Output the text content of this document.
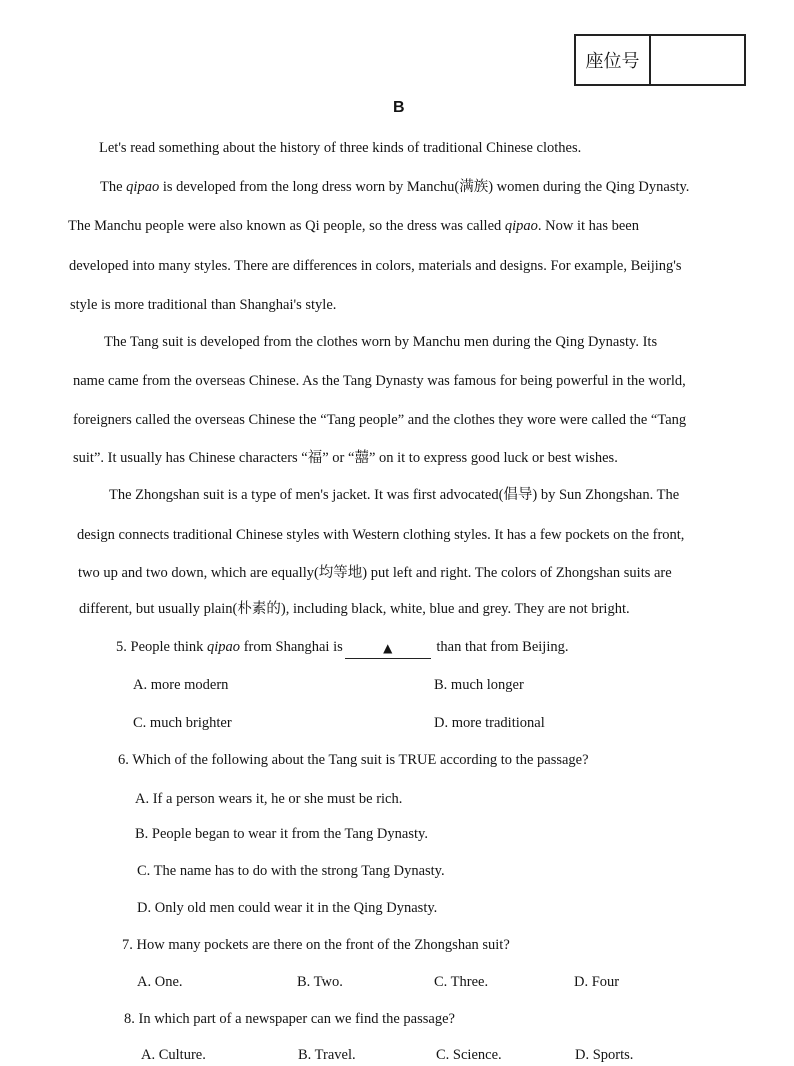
座位号
B
Let's read something about the history of three kinds of traditional Chinese clothes.
The qipao is developed from the long dress worn by Manchu(满族) women during the Qing Dynasty.
The Manchu people were also known as Qi people, so the dress was called qipao. Now it has been
developed into many styles. There are differences in colors, materials and designs. For example, Beijing's
style is more traditional than Shanghai's style.
The Tang suit is developed from the clothes worn by Manchu men during the Qing Dynasty. Its
name came from the overseas Chinese. As the Tang Dynasty was famous for being powerful in the world,
foreigners called the overseas Chinese the “Tang people” and the clothes they wore were called the “Tang
suit”. It usually has Chinese characters “福” or “囍” on it to express good luck or best wishes.
The Zhongshan suit is a type of men's jacket. It was first advocated(倡导) by Sun Zhongshan. The
design connects traditional Chinese styles with Western clothing styles. It has a few pockets on the front,
two up and two down, which are equally(均等地) put left and right. The colors of Zhongshan suits are
different, but usually plain(朴素的), including black, white, blue and grey. They are not bright.
5. People think qipao from Shanghai is	▲	than that from Beijing.
A. more modern	B. much longer
C. much brighter	D. more traditional
6. Which of the following about the Tang suit is TRUE according to the passage?
A. If a person wears it, he or she must be rich.
B. People began to wear it from the Tang Dynasty.
C. The name has to do with the strong Tang Dynasty.
D. Only old men could wear it in the Qing Dynasty.
7. How many pockets are there on the front of the Zhongshan suit?
A. One.	B. Two.	C. Three.	D. Four
8. In which part of a newspaper can we find the passage?
A. Culture.	B. Travel.	C. Science.	D. Sports.
